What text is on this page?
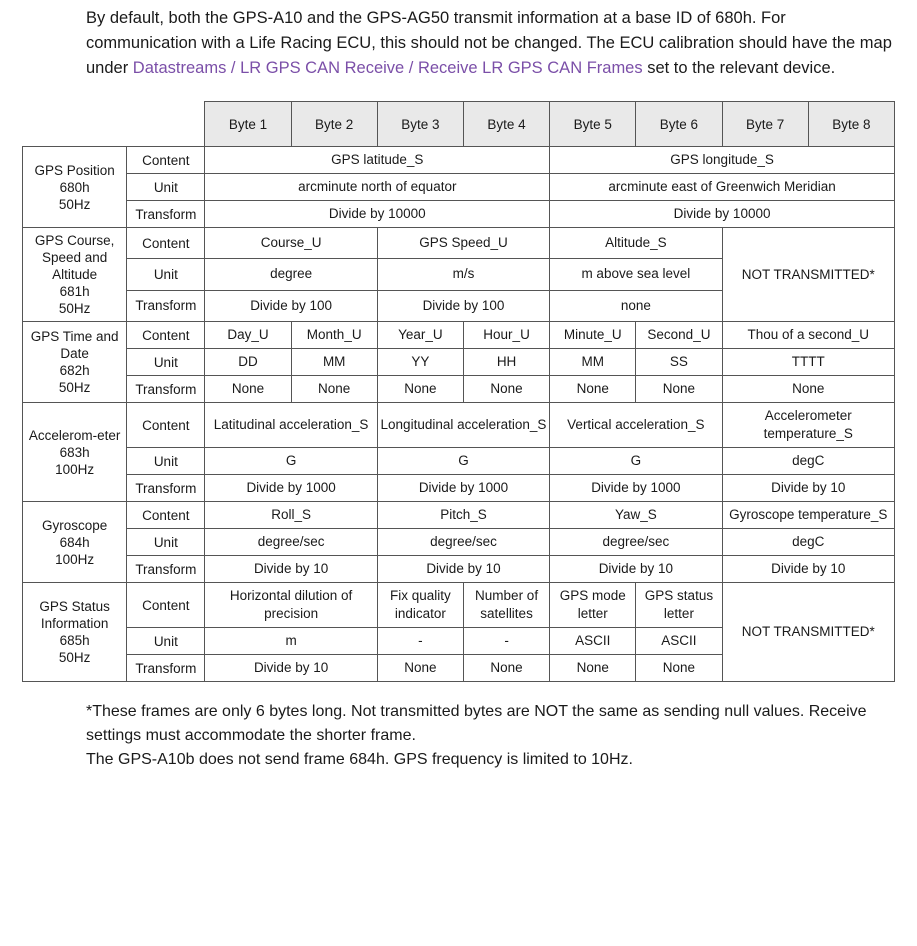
By default, both the GPS-A10 and the GPS-AG50 transmit information at a base ID of 680h. For communication with a Life Racing ECU, this should not be changed. The ECU calibration should have the map under Datastreams / LR GPS CAN Receive / Receive LR GPS CAN Frames set to the relevant device.

		Byte 1	Byte 2	Byte 3	Byte 4	Byte 5	Byte 6	Byte 7	Byte 8

GPS Position
680h
50Hz	Content	GPS latitude_S				GPS longitude_S			
	Unit	arcminute north of equator				arcminute east of Greenwich Meridian			
	Transform	Divide by 10000				Divide by 10000			

GPS Course, Speed and Altitude
681h
50Hz	Content	Course_U		GPS Speed_U		Altitude_S		NOT TRANSMITTED*	
	Unit	degree		m/s		m above sea level			
	Transform	Divide by 100		Divide by 100		none			

GPS Time and Date
682h
50Hz	Content	Day_U	Month_U	Year_U	Hour_U	Minute_U	Second_U	Thou of a second_U	
	Unit	DD	MM	YY	HH	MM	SS	TTTT	
	Transform	None	None	None	None	None	None	None	

Accelerom-eter
683h
100Hz	Content	Latitudinal acceleration_S		Longitudinal acceleration_S		Vertical acceleration_S		Accelerometer temperature_S	
	Unit	G		G		G		degC	
	Transform	Divide by 1000		Divide by 1000		Divide by 1000		Divide by 10	

Gyroscope
684h
100Hz	Content	Roll_S		Pitch_S		Yaw_S		Gyroscope temperature_S	
	Unit	degree/sec		degree/sec		degree/sec		degC	
	Transform	Divide by 10		Divide by 10		Divide by 10		Divide by 10	

GPS Status Information
685h
50Hz	Content	Horizontal dilution of precision		Fix quality indicator	Number of satellites	GPS mode letter	GPS status letter	NOT TRANSMITTED*	
	Unit	m		-	-	ASCII	ASCII		
	Transform	Divide by 10		None	None	None	None		
*These frames are only 6 bytes long. Not transmitted bytes are NOT the same as sending null values. Receive settings must accommodate the shorter frame.
The GPS-A10b does not send frame 684h. GPS frequency is limited to 10Hz.
